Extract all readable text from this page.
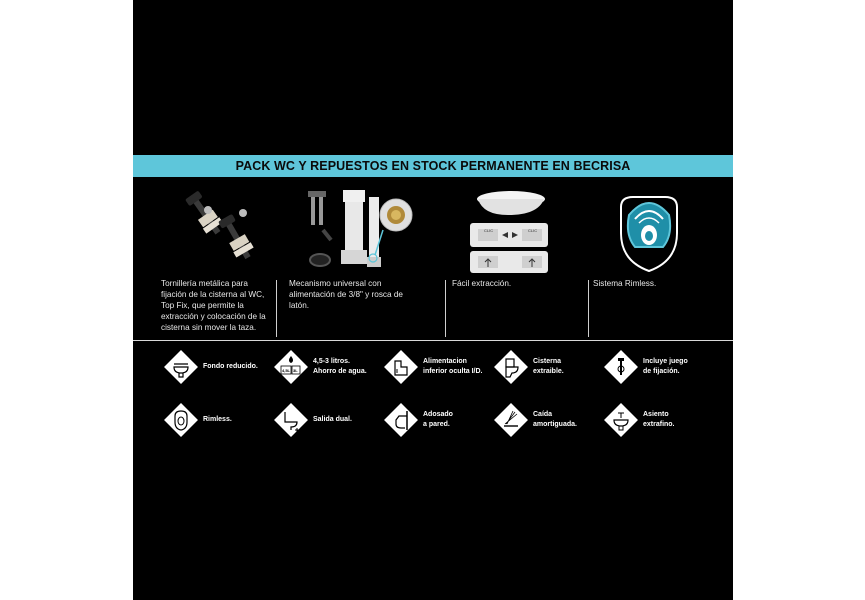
PACK WC Y REPUESTOS EN STOCK PERMANENTE EN BECRISA
Tornillería metálica para fijación de la cisterna al WC, Top Fix, que permite la extracción y colocación de la cisterna sin mover la taza.
Mecanismo universal con alimentación de 3/8" y rosca de latón.
CLIC	CLIC
Fácil extracción.	Sistema Rimless.
Fondo reducido.
4,5L 3L
4,5-3 litros.
Ahorro de agua.
Alimentacion
inferior oculta I/D.
Cisterna
extraible.
Incluye juego
de fijación.
Rimless.	Salida dual.
Adosado
a pared.
Caída
amortiguada.
Asiento
extrafino.
